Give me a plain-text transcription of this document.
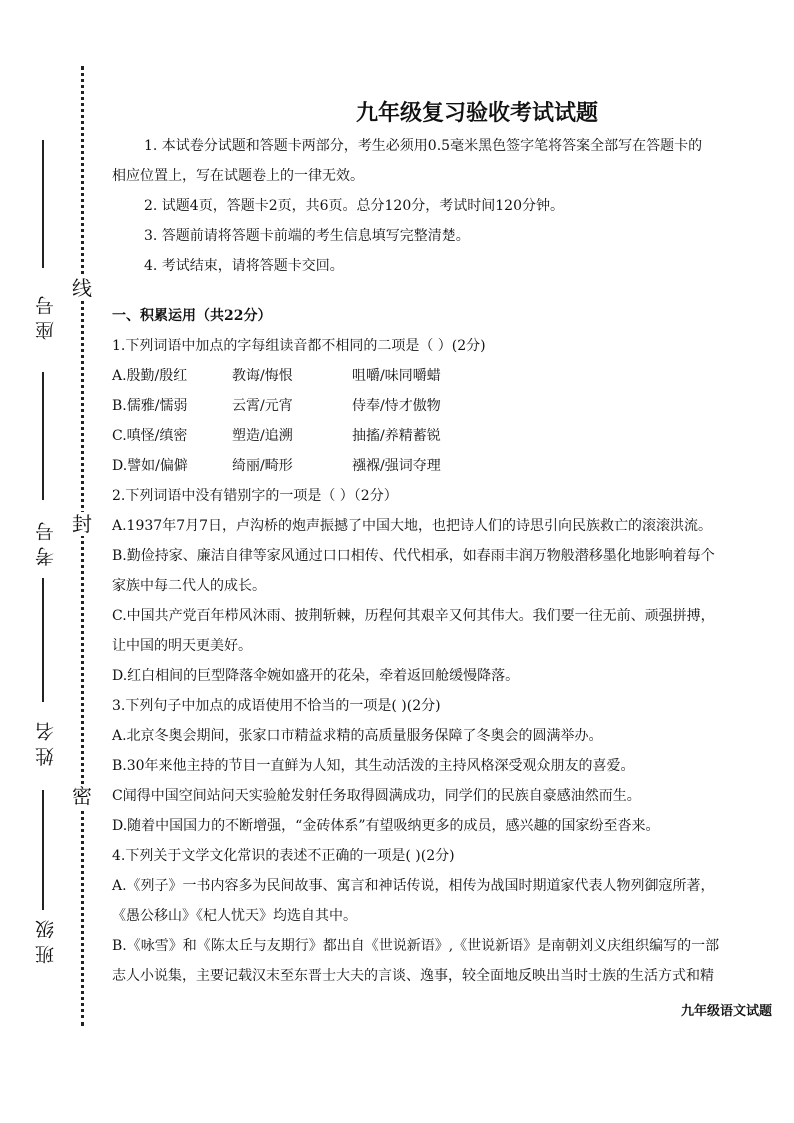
线
封
密
座号
考号
姓名
班级
九年级复习验收考试试题

1. 本试卷分试题和答题卡两部分，考生必须用0.5毫米黑色签字笔将答案全部写在答题卡的

相应位置上，写在试题卷上的一律无效。

2. 试题4页，答题卡2页，共6页。总分120分，考试时间120分钟。

3. 答题前请将答题卡前端的考生信息填写完整清楚。

4. 考试结束，请将答题卡交回。

一、积累运用（共22分）

1.下列词语中加点的字每组读音都不相同的二项是（ ）(2分)

A.殷勤/殷红	教诲/悔恨	咀嚼/味同嚼蜡
B.儒雅/懦弱	云霄/元宵	侍奉/恃才傲物
C.嗔怪/缜密	塑造/追溯	抽搐/养精蓄锐
D.譬如/偏僻	绮丽/畸形	襁褓/强词夺理

2.下列词语中没有错别字的一项是（ ）（2分）

A.1937年7月7日，卢沟桥的炮声振撼了中国大地，也把诗人们的诗思引向民族救亡的滚滚洪流。

B.勤俭持家、廉洁自律等家风通过口口相传、代代相承，如春雨丰润万物般潜移墨化地影响着每个

家族中每二代人的成长。

C.中国共产党百年栉风沐雨、披荆斩棘，历程何其艰辛又何其伟大。我们要一往无前、顽强拼搏，

让中国的明天更美好。

D.红白相间的巨型降落伞婉如盛开的花朵，牵着返回舱缓慢降落。

3.下列句子中加点的成语使用不恰当的一项是( )(2分)

A.北京冬奥会期间，张家口市精益求精的高质量服务保障了冬奥会的圆满举办。

B.30年来他主持的节目一直鲜为人知，其生动活泼的主持风格深受观众朋友的喜爱。

C闻得中国空间站问天实验舱发射任务取得圆满成功，同学们的民族自豪感油然而生。

D.随着中国国力的不断增强，“金砖体系”有望吸纳更多的成员，感兴趣的国家纷至沓来。

4.下列关于文学文化常识的表述不正确的一项是( )(2分)

A.《列子》一书内容多为民间故事、寓言和神话传说，相传为战国时期道家代表人物列御寇所著，

《愚公移山》《杞人忧天》均选自其中。

B.《咏雪》和《陈太丘与友期行》都出自《世说新语》,《世说新语》是南朝刘义庆组织编写的一部

志人小说集，主要记载汉末至东晋士大夫的言谈、逸事，较全面地反映出当时士族的生活方式和精

九年级语文试题
